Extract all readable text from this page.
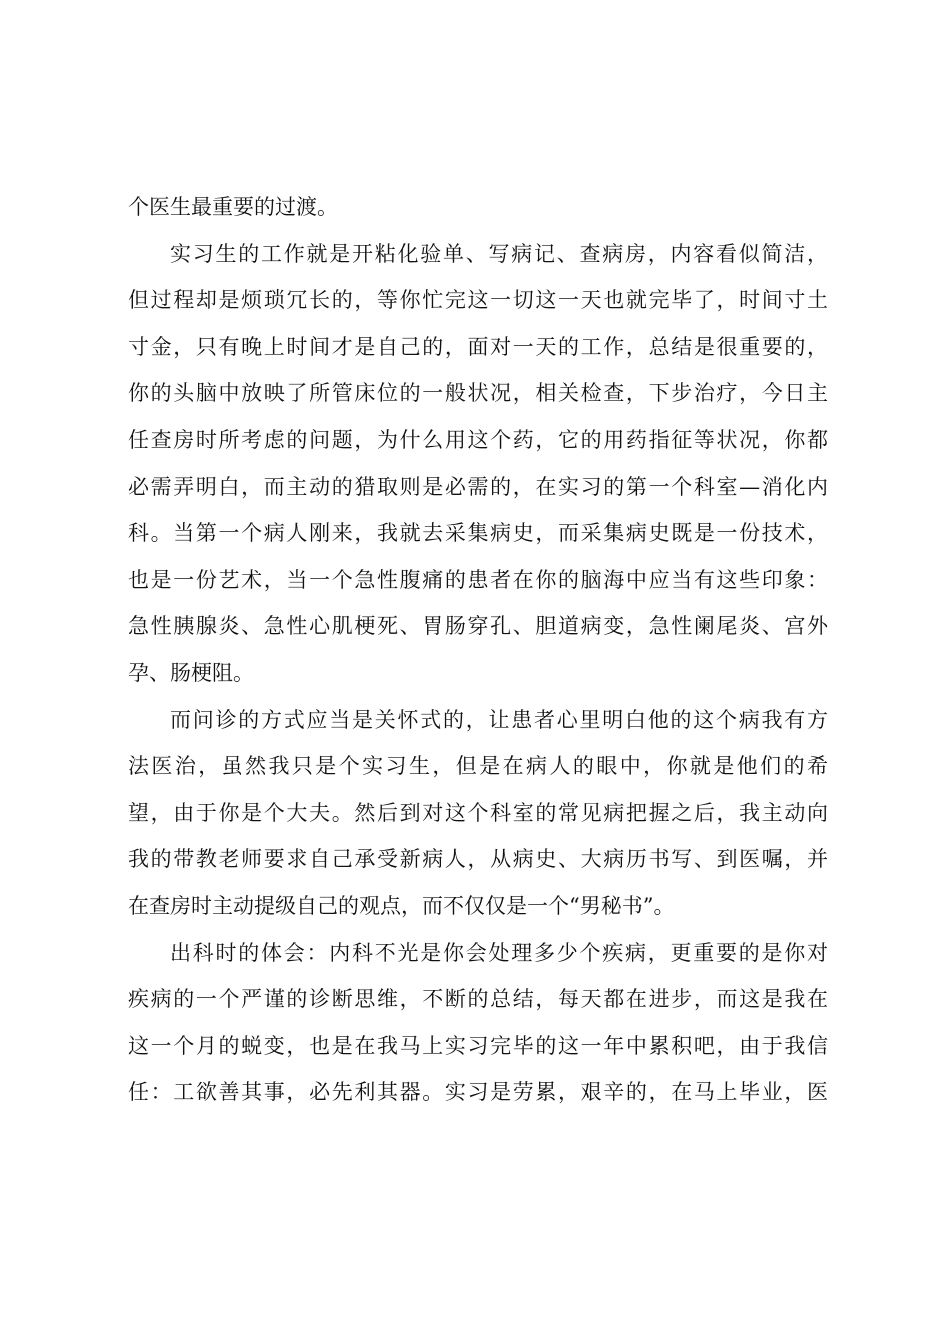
个医生最重要的过渡。
实习生的工作就是开粘化验单、写病记、查病房，内容看似简洁，
但过程却是烦琐冗长的，等你忙完这一切这一天也就完毕了，时间寸土
寸金，只有晚上时间才是自己的，面对一天的工作，总结是很重要的，
你的头脑中放映了所管床位的一般状况，相关检查，下步治疗，今日主
任查房时所考虑的问题，为什么用这个药，它的用药指征等状况，你都
必需弄明白，而主动的猎取则是必需的，在实习的第一个科室—消化内
科。当第一个病人刚来，我就去采集病史，而采集病史既是一份技术，
也是一份艺术，当一个急性腹痛的患者在你的脑海中应当有这些印象：
急性胰腺炎、急性心肌梗死、胃肠穿孔、胆道病变，急性阑尾炎、宫外
孕、肠梗阻。
而问诊的方式应当是关怀式的，让患者心里明白他的这个病我有方
法医治，虽然我只是个实习生，但是在病人的眼中，你就是他们的希
望，由于你是个大夫。然后到对这个科室的常见病把握之后，我主动向
我的带教老师要求自己承受新病人，从病史、大病历书写、到医嘱，并
在查房时主动提级自己的观点，而不仅仅是一个“男秘书”。
出科时的体会：内科不光是你会处理多少个疾病，更重要的是你对
疾病的一个严谨的诊断思维，不断的总结，每天都在进步，而这是我在
这一个月的蜕变，也是在我马上实习完毕的这一年中累积吧，由于我信
任：工欲善其事，必先利其器。实习是劳累，艰辛的，在马上毕业，医
